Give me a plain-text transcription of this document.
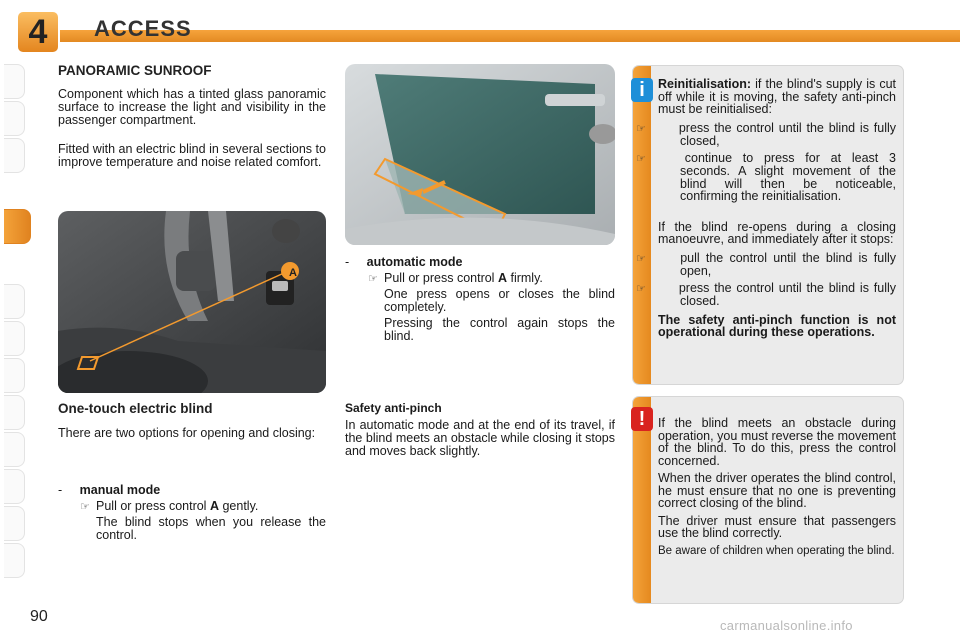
4	ACCESS
PANORAMIC SUNROOF
Component which has a tinted glass panoramic surface to increase the light and visibility in the passenger compartment.
Fitted with an electric blind in several sections to improve temperature and noise related comfort.
A
One-touch electric blind
There are two options for opening and closing:
- manual mode
☞ Pull or press control A gently.
The blind stops when you release the control.
- automatic mode
☞ Pull or press control A firmly.
One press opens or closes the blind completely.
Pressing the control again stops the blind.
Safety anti-pinch
In automatic mode and at the end of its travel, if the blind meets an obstacle while closing it stops and moves back slightly.
i	Reinitialisation: if the blind's supply is cut off while it is moving, the safety anti-pinch must be reinitialised:
☞	press the control until the blind is fully closed,
☞	continue to press for at least 3 seconds. A slight movement of the blind will then be noticeable, confirming the reinitialisation.
If the blind re-opens during a closing manoeuvre, and immediately after it stops:
☞	pull the control until the blind is fully open,
☞	press the control until the blind is fully closed.
The safety anti-pinch function is not operational during these operations.
!	If the blind meets an obstacle during operation, you must reverse the movement of the blind. To do this, press the control concerned.
When the driver operates the blind control, he must ensure that no one is preventing correct closing of the blind.
The driver must ensure that passengers use the blind correctly.
Be aware of children when operating the blind.
90
carmanualsonline.info
